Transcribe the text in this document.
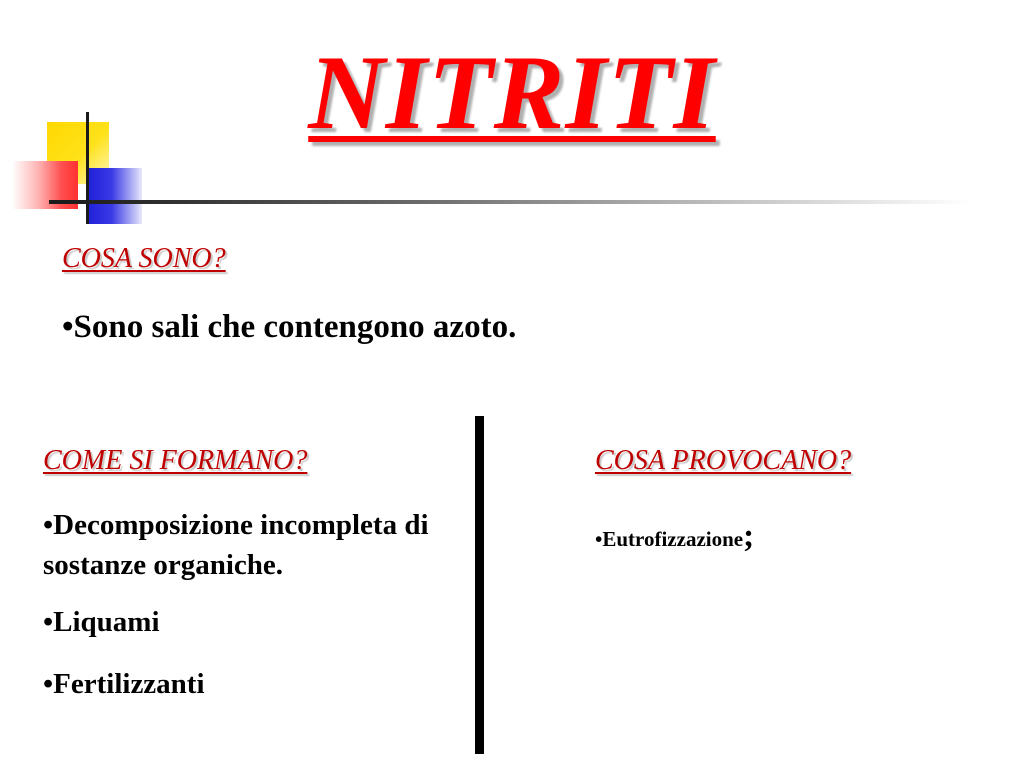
NITRITI
COSA SONO?
•Sono sali che contengono azoto.
COME SI FORMANO?
•Decomposizione incompleta di sostanze organiche.
•Liquami
•Fertilizzanti
COSA PROVOCANO?
•Eutrofizzazione;
